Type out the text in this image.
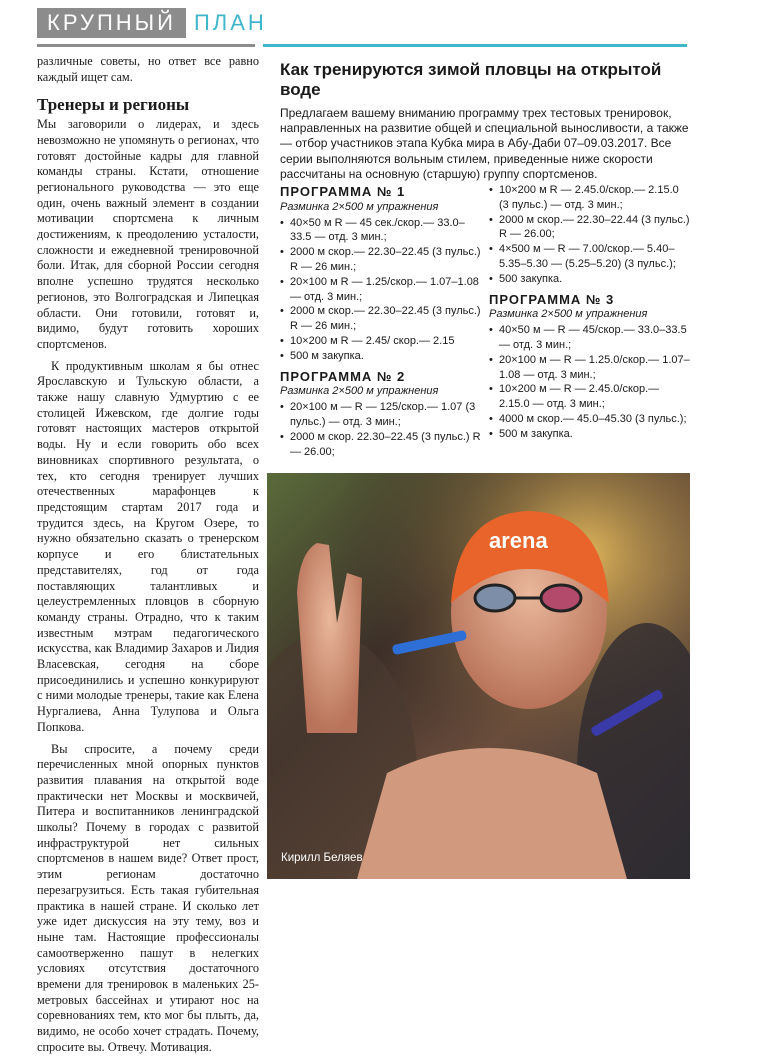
КРУПНЫЙ ПЛАН

различные советы, но ответ все равно каждый ищет сам.

Тренеры и регионы

Мы заговорили о лидерах, и здесь невозможно не упомянуть о регионах, что готовят достойные кадры для главной команды страны. Кстати, отношение регионального руководства — это еще один, очень важный элемент в создании мотивации спортсмена к личным достижениям, к преодолению усталости, сложности и ежедневной тренировочной боли. Итак, для сборной России сегодня вполне успешно трудятся несколько регионов, это Волгоградская и Липецкая области. Они готовили, готовят и, видимо, будут готовить хороших спортсменов.

К продуктивным школам я бы отнес Ярославскую и Тульскую области, а также нашу славную Удмуртию с ее столицей Ижевском, где долгие годы готовят настоящих мастеров открытой воды. Ну и если говорить обо всех виновниках спортивного результата, о тех, кто сегодня тренирует лучших отечественных марафонцев к предстоящим стартам 2017 года и трудится здесь, на Кругом Озере, то нужно обязательно сказать о тренерском корпусе и его блистательных представителях, год от года поставляющих талантливых и целеустремленных пловцов в сборную команду страны. Отрадно, что к таким известным мэтрам педагогического искусства, как Владимир Захаров и Лидия Власевская, сегодня на сборе присоединились и успешно конкурируют с ними молодые тренеры, такие как Елена Нургалиева, Анна Тулупова и Ольга Попкова.

Вы спросите, а почему среди перечисленных мной опорных пунктов развития плавания на открытой воде практически нет Москвы и москвичей, Питера и воспитанников ленинградской школы? Почему в городах с развитой инфраструктурой нет сильных спортсменов в нашем виде? Ответ прост, этим регионам достаточно перезагрузиться. Есть такая губительная практика в нашей стране. И сколько лет уже идет дискуссия на эту тему, воз и ныне там. Настоящие профессионалы самоотверженно пашут в нелегких условиях отсутствия достаточного времени для тренировок в маленьких 25-метровых бассейнах и утирают нос на соревнованиях тем, кто мог бы плыть, да, видимо, не особо хочет страдать. Почему, спросите вы. Отвечу. Мотивация.

Как тренируются зимой пловцы на открытой воде
Предлагаем вашему вниманию программу трех тестовых тренировок, направленных на развитие общей и специальной выносливости, а также — отбор участников этапа Кубка мира в Абу-Даби 07–09.03.2017. Все серии выполняются вольным стилем, приведенные ниже скорости рассчитаны на основную (старшую) группу спортсменов.
ПРОГРАММА № 1
Разминка 2×500 м упражнения
• 40×50 м R — 45 сек./скор.— 33.0–33.5 — отд. 3 мин.;
• 2000 м скор.— 22.30–22.45 (3 пульс.) R — 26 мин.;
• 20×100 м R — 1.25/скор.— 1.07–1.08 — отд. 3 мин.;
• 2000 м скор.— 22.30–22.45 (3 пульс.) R — 26 мин.;
• 10×200 м R — 2.45/ скор.— 2.15
• 500 м закупка.
ПРОГРАММА № 2
Разминка 2×500 м упражнения
• 20×100 м — R — 125/скор.— 1.07 (3 пульс.) — отд. 3 мин.;
• 2000 м скор. 22.30–22.45 (3 пульс.) R — 26.00;
• 10×200 м R — 2.45.0/скор.— 2.15.0 (3 пульс.) — отд. 3 мин.;
• 2000 м скор.— 22.30–22.44 (3 пульс.) R — 26.00;
• 4×500 м — R — 7.00/скор.— 5.40–5.35–5.30 — (5.25–5.20) (3 пульс.);
• 500 закупка.
ПРОГРАММА № 3
Разминка 2×500 м упражнения
• 40×50 м — R — 45/скор.— 33.0–33.5 — отд. 3 мин.;
• 20×100 м — R — 1.25.0/скор.— 1.07–1.08 — отд. 3 мин.;
• 10×200 м — R — 2.45.0/скор.— 2.15.0 — отд. 3 мин.;
• 4000 м скор.— 45.0–45.30 (3 пульс.);
• 500 м закупка.
arena
Кирилл Беляев
